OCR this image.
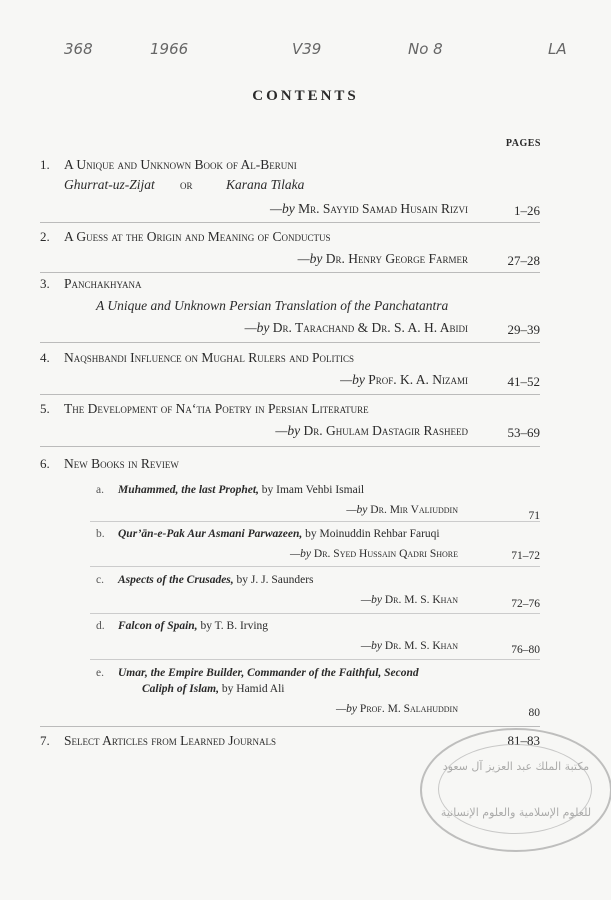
368	1966	V39	No 8	LA
CONTENTS
PAGES
1. A Unique and Unknown Book of Al-Beruni
Ghurrat-uz-Zijat or Karana Tilaka
—by Mr. Sayyid Samad Husain Rizvi	1–26
2. A Guess at the Origin and Meaning of Conductus
—by Dr. Henry George Farmer	27–28
3. Panchakhyana
A Unique and Unknown Persian Translation of the Panchatantra
—by Dr. Tarachand & Dr. S. A. H. Abidi	29–39
4. Naqshbandi Influence on Mughal Rulers and Politics
—by Prof. K. A. Nizami	41–52
5. The Development of Na‘tia Poetry in Persian Literature
—by Dr. Ghulam Dastagir Rasheed	53–69
6. New Books in Review
a. Muhammed, the last Prophet, by Imam Vehbi Ismail
—by Dr. Mir Valiuddin	71
b. Qur’ān-e-Pak Aur Asmani Parwazeen, by Moinuddin Rehbar Faruqi
—by Dr. Syed Hussain Qadri Shore	71–72
c. Aspects of the Crusades, by J. J. Saunders
—by Dr. M. S. Khan	72–76
d. Falcon of Spain, by T. B. Irving
—by Dr. M. S. Khan	76–80
e. Umar, the Empire Builder, Commander of the Faithful, Second
Caliph of Islam, by Hamid Ali
—by Prof. M. Salahuddin	80
7. Select Articles from Learned Journals	81–83
مكتبة الملك عبد العزيز آل سعود
للعلوم الإسلامية والعلوم الإنسانية
